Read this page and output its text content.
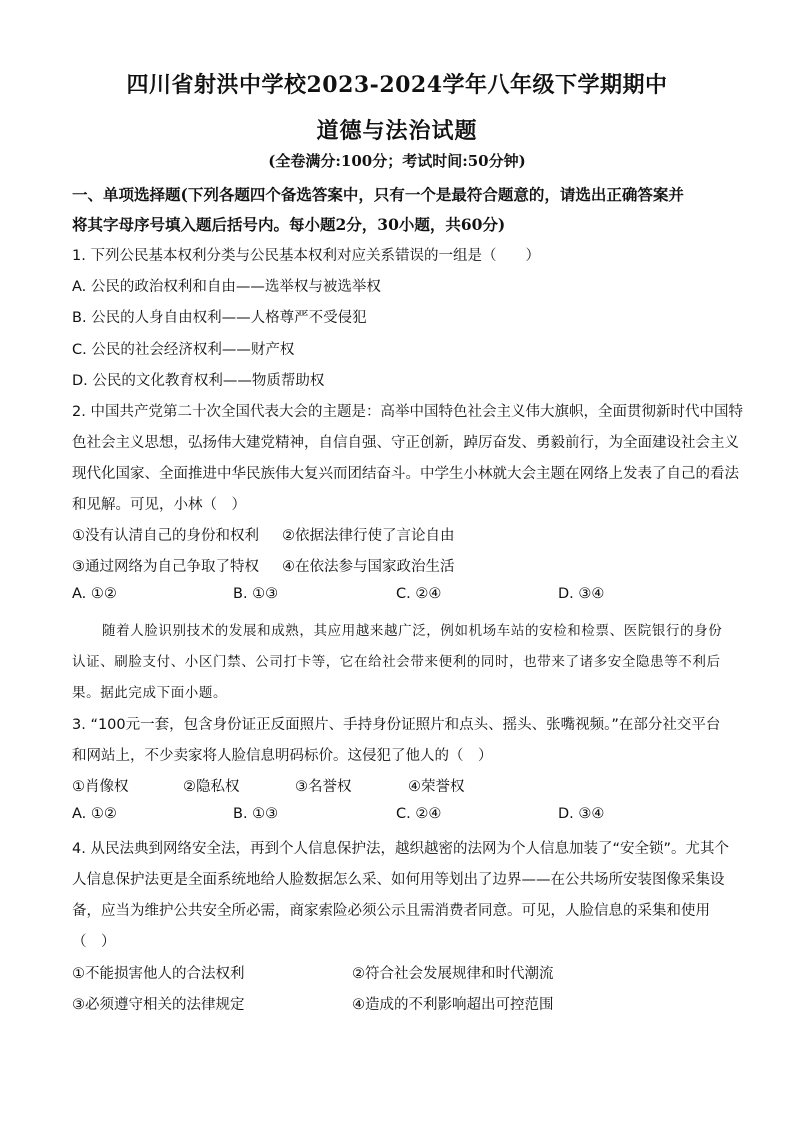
四川省射洪中学校2023-2024学年八年级下学期期中
道德与法治试题
(全卷满分:100分；考试时间:50分钟)
一、单项选择题(下列各题四个备选答案中，只有一个是最符合题意的，请选出正确答案并
将其字母序号填入题后括号内。每小题2分，30小题，共60分)
1. 下列公民基本权利分类与公民基本权利对应关系错误的一组是（　　）
A. 公民的政治权利和自由——选举权与被选举权
B. 公民的人身自由权利——人格尊严不受侵犯
C. 公民的社会经济权利——财产权
D. 公民的文化教育权利——物质帮助权
2. 中国共产党第二十次全国代表大会的主题是：高举中国特色社会主义伟大旗帜，全面贯彻新时代中国特
色社会主义思想，弘扬伟大建党精神，自信自强、守正创新，踔厉奋发、勇毅前行，为全面建设社会主义
现代化国家、全面推进中华民族伟大复兴而团结奋斗。中学生小林就大会主题在网络上发表了自己的看法
和见解。可见，小林（　）
①没有认清自己的身份和权利 ②依据法律行使了言论自由
③通过网络为自己争取了特权 ④在依法参与国家政治生活
A. ①②	B. ①③	C. ②④	D. ③④
随着人脸识别技术的发展和成熟，其应用越来越广泛，例如机场车站的安检和检票、医院银行的身份
认证、刷脸支付、小区门禁、公司打卡等，它在给社会带来便利的同时，也带来了诸多安全隐患等不利后
果。据此完成下面小题。
3. “100元一套，包含身份证正反面照片、手持身份证照片和点头、摇头、张嘴视频。”在部分社交平台
和网站上，不少卖家将人脸信息明码标价。这侵犯了他人的（　）
①肖像权	②隐私权	③名誉权	④荣誉权
A. ①②	B. ①③	C. ②④	D. ③④
4. 从民法典到网络安全法，再到个人信息保护法，越织越密的法网为个人信息加装了“安全锁”。尤其个
人信息保护法更是全面系统地给人脸数据怎么采、如何用等划出了边界——在公共场所安装图像采集设
备，应当为维护公共安全所必需，商家索险必须公示且需消费者同意。可见，人脸信息的采集和使用
（　）
①不能损害他人的合法权利	②符合社会发展规律和时代潮流
③必须遵守相关的法律规定	④造成的不利影响超出可控范围
